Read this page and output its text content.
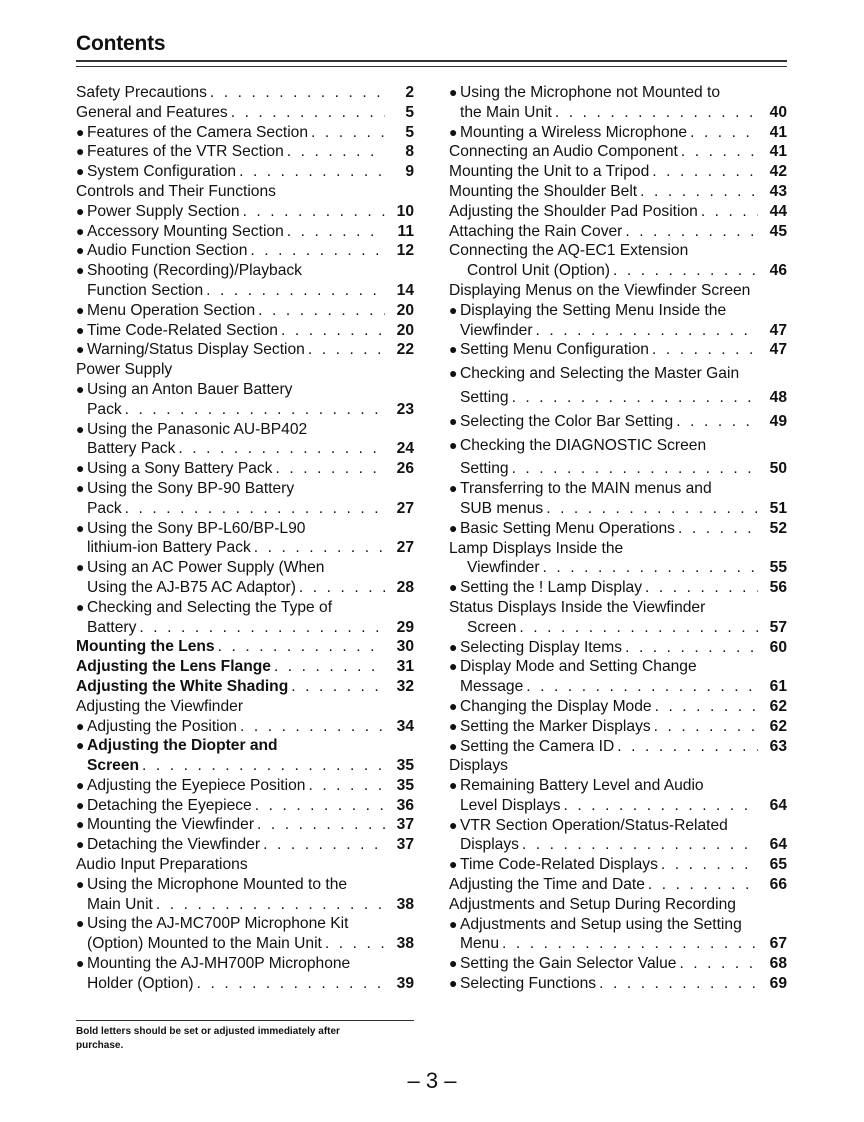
Contents
Safety Precautions . . .	2
General and Features . . .	5
● Features of the Camera Section . . .	5
● Features of the VTR Section . . .	8
● System Configuration . . .	9
Controls and Their Functions
● Power Supply Section . . .	10
● Accessory Mounting Section . . .	11
● Audio Function Section . . .	12
● Shooting (Recording)/Playback
Function Section . . .	14
● Menu Operation Section . . .	20
● Time Code-Related Section . . .	20
● Warning/Status Display Section . . .	22
Power Supply
● Using an Anton Bauer Battery
Pack . . .	23
● Using the Panasonic AU-BP402
Battery Pack . . .	24
● Using a Sony Battery Pack . . .	26
● Using the Sony BP-90 Battery
Pack . . .	27
● Using the Sony BP-L60/BP-L90
lithium-ion Battery Pack . . .	27
● Using an AC Power Supply (When
Using the AJ-B75 AC Adaptor) . . .	28
● Checking and Selecting the Type of
Battery . . .	29
Mounting the Lens . . .	30
Adjusting the Lens Flange . . .	31
Adjusting the White Shading . . .	32
Adjusting the Viewfinder
● Adjusting the Position . . .	34
● Adjusting the Diopter and
Screen . . .	35
● Adjusting the Eyepiece Position . . .	35
● Detaching the Eyepiece . . .	36
● Mounting the Viewfinder . . .	37
● Detaching the Viewfinder . . .	37
Audio Input Preparations
● Using the Microphone Mounted to the
Main Unit . . .	38
● Using the AJ-MC700P Microphone Kit
(Option) Mounted to the Main Unit . . .	38
● Mounting the AJ-MH700P Microphone
Holder (Option) . . .	39
● Using the Microphone not Mounted to
the Main Unit . . .	40
● Mounting a Wireless Microphone . . .	41
Connecting an Audio Component . . .	41
Mounting the Unit to a Tripod . . .	42
Mounting the Shoulder Belt . . .	43
Adjusting the Shoulder Pad Position . . .	44
Attaching the Rain Cover . . .	45
Connecting the AQ-EC1 Extension
Control Unit (Option) . . .	46
Displaying Menus on the Viewfinder Screen
● Displaying the Setting Menu Inside the
Viewfinder . . .	47
● Setting Menu Configuration . . .	47
● Checking and Selecting the Master Gain
Setting . . .	48
● Selecting the Color Bar Setting . . .	49
● Checking the DIAGNOSTIC Screen
Setting . . .	50
● Transferring to the MAIN menus and
SUB menus . . .	51
● Basic Setting Menu Operations . . .	52
Lamp Displays Inside the
Viewfinder . . .	55
● Setting the ! Lamp Display . . .	56
Status Displays Inside the Viewfinder
Screen . . .	57
● Selecting Display Items . . .	60
● Display Mode and Setting Change
Message . . .	61
● Changing the Display Mode . . .	62
● Setting the Marker Displays . . .	62
● Setting the Camera ID . . .	63
Displays
● Remaining Battery Level and Audio
Level Displays . . .	64
● VTR Section Operation/Status-Related
Displays . . .	64
● Time Code-Related Displays . . .	65
Adjusting the Time and Date . . .	66
Adjustments and Setup During Recording
● Adjustments and Setup using the Setting
Menu . . .	67
● Setting the Gain Selector Value . . .	68
● Selecting Functions . . .	69
Bold letters should be set or adjusted immediately after purchase.
– 3 –
